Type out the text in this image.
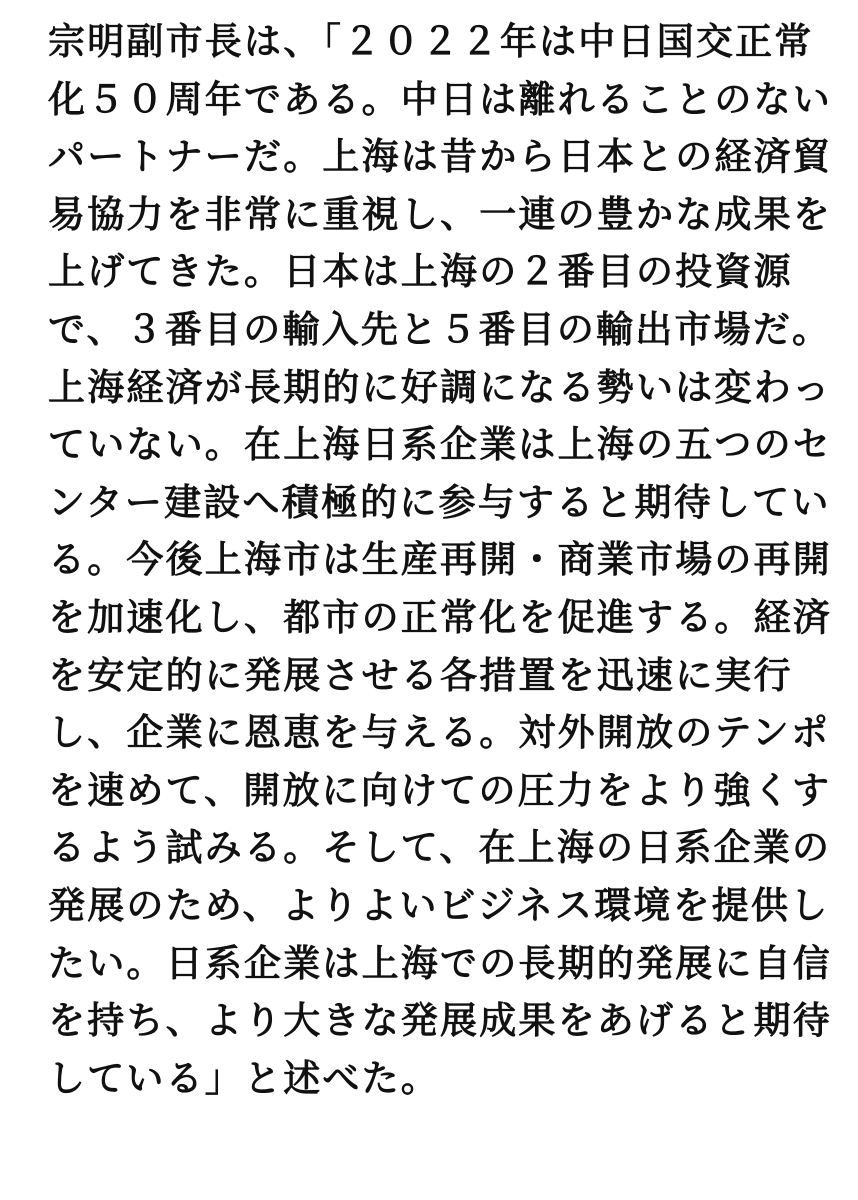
宗明副市長は、「２０２２年は中日国交正常
化５０周年である。中日は離れることのない
パートナーだ。上海は昔から日本との経済貿
易協力を非常に重視し、一連の豊かな成果を
上げてきた。日本は上海の２番目の投資源
で、３番目の輸入先と５番目の輸出市場だ。
上海経済が長期的に好調になる勢いは変わっ
ていない。在上海日系企業は上海の五つのセ
ンター建設へ積極的に参与すると期待してい
る。今後上海市は生産再開・商業市場の再開
を加速化し、都市の正常化を促進する。経済
を安定的に発展させる各措置を迅速に実行
し、企業に恩恵を与える。対外開放のテンポ
を速めて、開放に向けての圧力をより強くす
るよう試みる。そして、在上海の日系企業の
発展のため、よりよいビジネス環境を提供し
たい。日系企業は上海での長期的発展に自信
を持ち、より大きな発展成果をあげると期待
している」と述べた。
